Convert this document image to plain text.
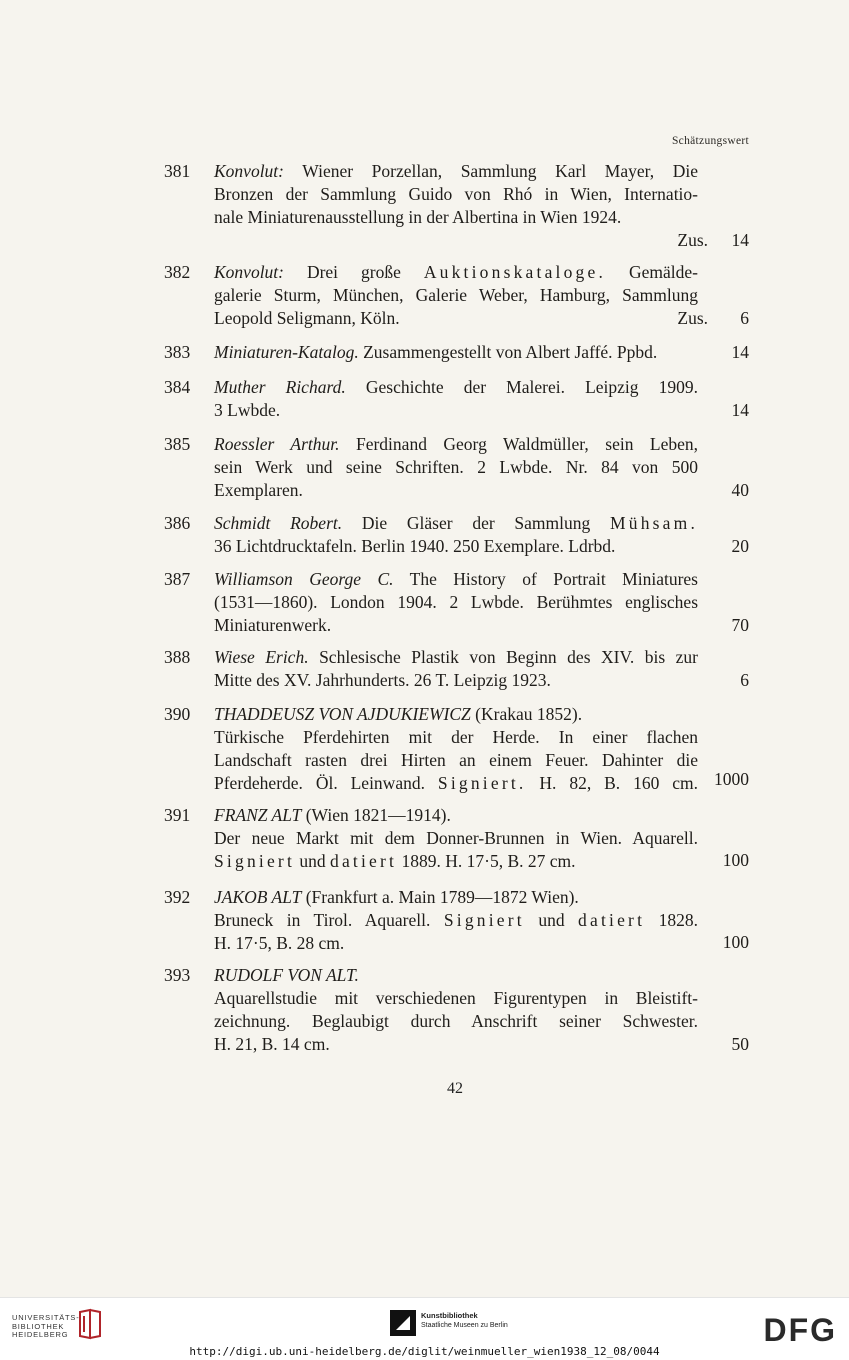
Schätzungswert
381 Konvolut: Wiener Porzellan, Sammlung Karl Mayer, Die
Bronzen der Sammlung Guido von Rhó in Wien, Internatio-
nale Miniaturenausstellung in der Albertina in Wien 1924.
Zus. 14
382 Konvolut: Drei große Auktionskataloge. Gemälde-
galerie Sturm, München, Galerie Weber, Hamburg, Sammlung
Leopold Seligmann, Köln.	Zus. 6
383 Miniaturen-Katalog. Zusammengestellt von Albert Jaffé. Ppbd.	14
384 Muther Richard. Geschichte der Malerei. Leipzig 1909.
3 Lwbde.	14
385 Roessler Arthur. Ferdinand Georg Waldmüller, sein Leben,
sein Werk und seine Schriften. 2 Lwbde. Nr. 84 von 500
Exemplaren.	40
386 Schmidt Robert. Die Gläser der Sammlung Mühsam.
36 Lichtdrucktafeln. Berlin 1940. 250 Exemplare. Ldrbd.	20
387 Williamson George C. The History of Portrait Miniatures
(1531—1860). London 1904. 2 Lwbde. Berühmtes englisches
Miniaturenwerk.	70
388 Wiese Erich. Schlesische Plastik von Beginn des XIV. bis zur
Mitte des XV. Jahrhunderts. 26 T. Leipzig 1923.	6
390 THADDEUSZ VON AJDUKIEWICZ (Krakau 1852).
Türkische Pferdehirten mit der Herde. In einer flachen
Landschaft rasten drei Hirten an einem Feuer. Dahinter die
Pferdeherde. Öl. Leinwand. Signiert. H. 82, B. 160 cm. 1000
391 FRANZ ALT (Wien 1821—1914).
Der neue Markt mit dem Donner-Brunnen in Wien. Aquarell.
Signiert und datiert 1889. H. 17·5, B. 27 cm.	100
392 JAKOB ALT (Frankfurt a. Main 1789—1872 Wien).
Bruneck in Tirol. Aquarell. Signiert und datiert 1828.
H. 17·5, B. 28 cm.	100
393 RUDOLF VON ALT.
Aquarellstudie mit verschiedenen Figurentypen in Bleistift-
zeichnung. Beglaubigt durch Anschrift seiner Schwester.
H. 21, B. 14 cm.	50
42
UNIVERSITÄTS-
BIBLIOTHEK
HEIDELBERG
Kunstbibliothek
Staatliche Museen zu Berlin	DFG
http://digi.ub.uni-heidelberg.de/diglit/weinmueller_wien1938_12_08/0044
